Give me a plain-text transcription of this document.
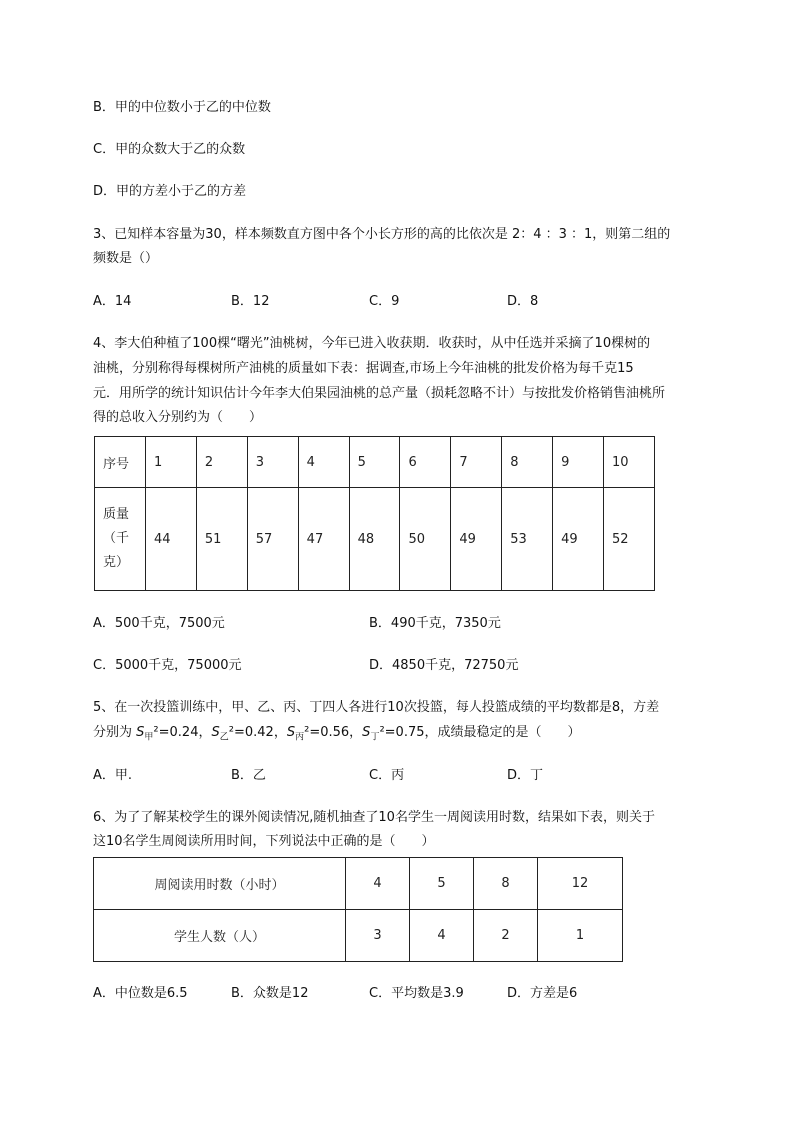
B．甲的中位数小于乙的中位数
C．甲的众数大于乙的众数
D．甲的方差小于乙的方差
3、已知样本容量为30，样本频数直方图中各个小长方形的高的比依次是 2：4 ：3 ：1，则第二组的
频数是（）
A．14	B．12	C．9	D．8
4、李大伯种植了100棵“曙光”油桃树，今年已进入收获期．收获时，从中任选并采摘了10棵树的
油桃，分别称得每棵树所产油桃的质量如下表：据调查,市场上今年油桃的批发价格为每千克15
元．用所学的统计知识估计今年李大伯果园油桃的总产量（损耗忽略不计）与按批发价格销售油桃所
得的总收入分别约为（　　）
序号	1	2	3	4	5	6	7	8	9	10

质量
（千
克）	44	51	57	47	48	50	49	53	49	52
A．500千克，7500元	B．490千克，7350元
C．5000千克，75000元	D．4850千克，72750元
5、在一次投篮训练中，甲、乙、丙、丁四人各进行10次投篮，每人投篮成绩的平均数都是8，方差
分别为 $S_甲^2=0.24$，$S_乙^2=0.42$，$S_丙^2=0.56$，$S_丁^2=0.75$，成绩最稳定的是（　　）
A．甲.	B．乙	C．丙	D．丁
6、为了了解某校学生的课外阅读情况,随机抽查了10名学生一周阅读用时数，结果如下表，则关于
这10名学生周阅读所用时间，下列说法中正确的是（　　）
周阅读用时数（小时）	4	5	8	12
学生人数（人）	3	4	2	1
A．中位数是6.5	B．众数是12	C．平均数是3.9	D．方差是6
